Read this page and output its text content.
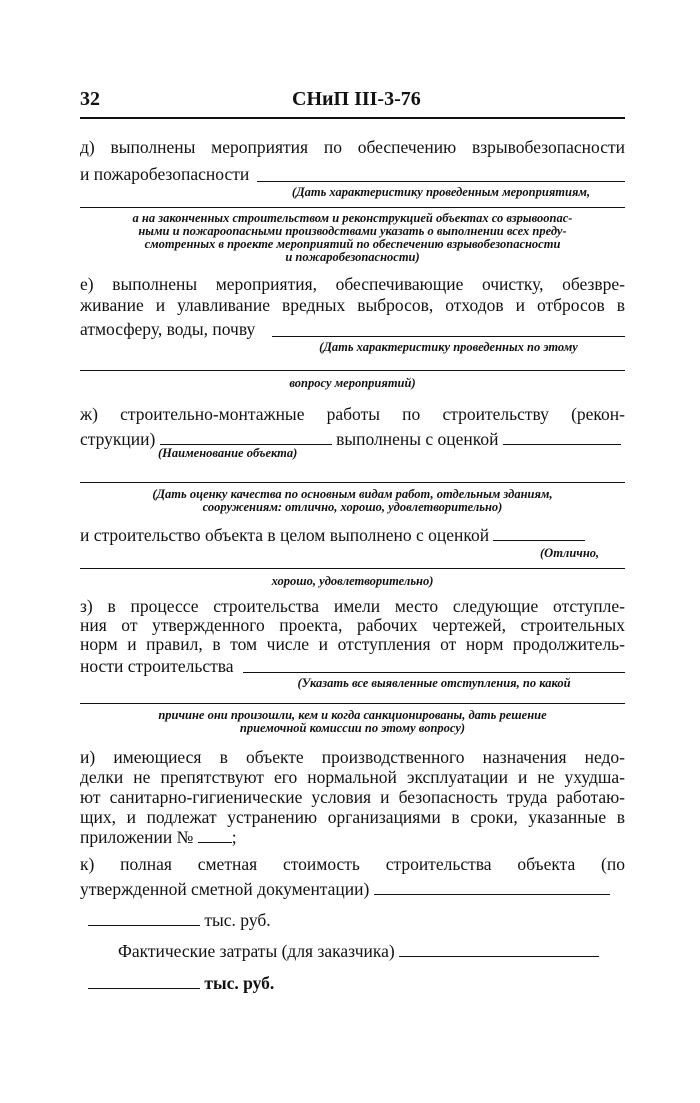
32	СНиП III-3-76
д) выполнены мероприятия по обеспечению взрывобезопасности
и пожаробезопасности
(Дать характеристику проведенным мероприятиям,
а на законченных строительством и реконструкцией объектах со взрывоопас-
ными и пожароопасными производствами указать о выполнении всех преду-
смотренных в проекте мероприятий по обеспечению взрывобезопасности
и пожаробезопасности)
е) выполнены мероприятия, обеспечивающие очистку, обезвре-
живание и улавливание вредных выбросов, отходов и отбросов в
атмосферу, воды, почву
(Дать характеристику проведенных по этому
вопросу мероприятий)
ж) строительно-монтажные работы по строительству (рекон-
струкции)	выполнены с оценкой
(Наименование объекта)
(Дать оценку качества по основным видам работ, отдельным зданиям,
сооружениям: отлично, хорошо, удовлетворительно)
и строительство объекта в целом выполнено с оценкой
(Отлично,
хорошо, удовлетворительно)
з) в процессе строительства имели место следующие отступле-
ния от утвержденного проекта, рабочих чертежей, строительных
норм и правил, в том числе и отступления от норм продолжитель-
ности строительства
(Указать все выявленные отступления, по какой
причине они произошли, кем и когда санкционированы, дать решение
приемочной комиссии по этому вопросу)
и) имеющиеся в объекте производственного назначения недо-
делки не препятствуют его нормальной эксплуатации и не ухудша-
ют санитарно-гигиенические условия и безопасность труда работаю-
щих, и подлежат устранению организациями в сроки, указанные в
приложении № ;
к) полная сметная стоимость строительства объекта (по
утвержденной сметной документации)
тыс. руб.
Фактические затраты (для заказчика)
тыс. руб.
